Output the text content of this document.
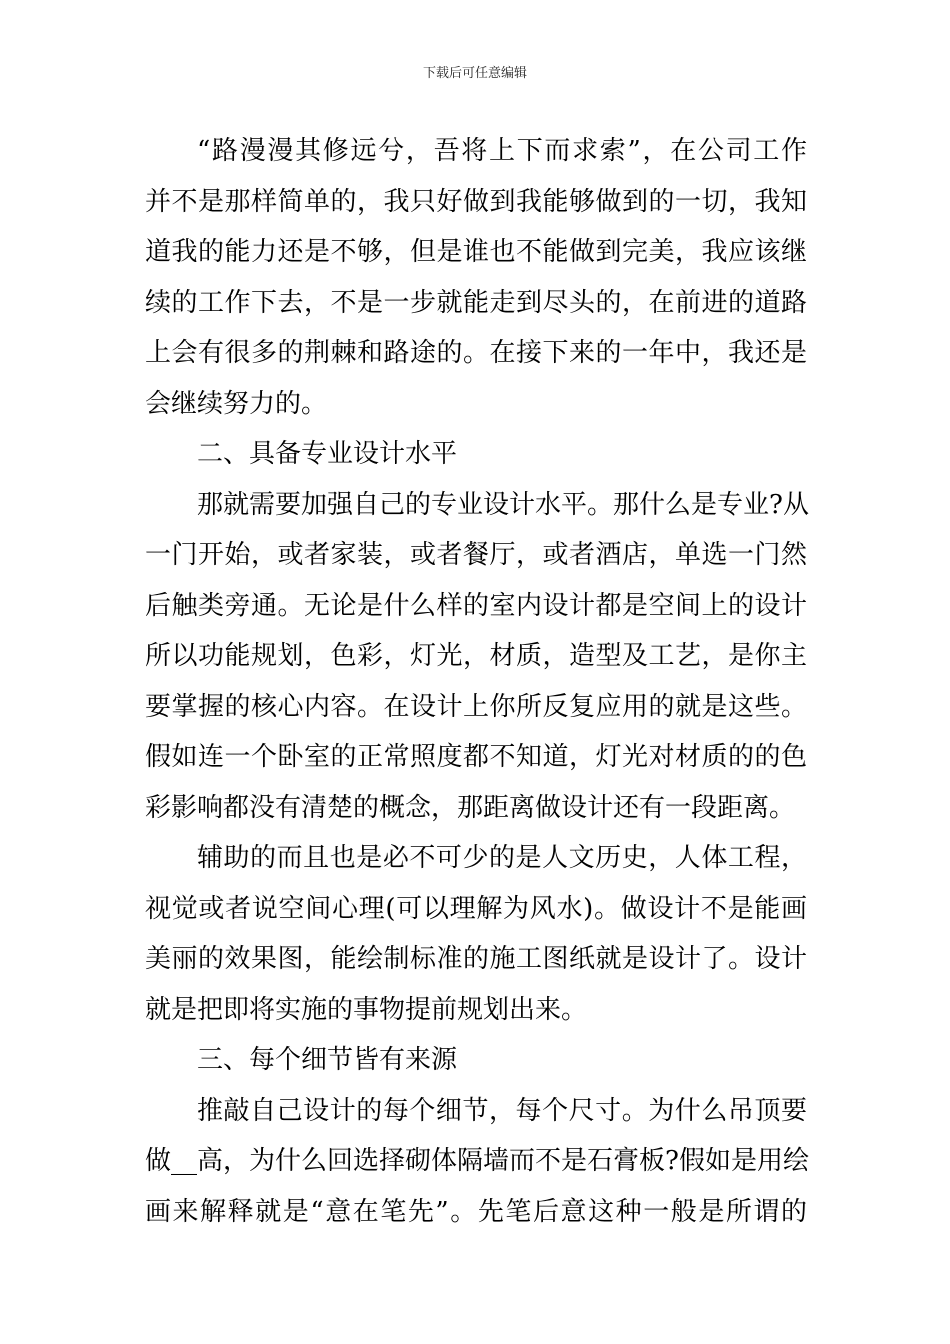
下载后可任意编辑
“路漫漫其修远兮，吾将上下而求索”，在公司工作
并不是那样简单的，我只好做到我能够做到的一切，我知
道我的能力还是不够，但是谁也不能做到完美，我应该继
续的工作下去，不是一步就能走到尽头的，在前进的道路
上会有很多的荆棘和路途的。在接下来的一年中，我还是
会继续努力的。
二、具备专业设计水平
那就需要加强自己的专业设计水平。那什么是专业?从
一门开始，或者家装，或者餐厅，或者酒店，单选一门然
后触类旁通。无论是什么样的室内设计都是空间上的设计
所以功能规划，色彩，灯光，材质，造型及工艺，是你主
要掌握的核心内容。在设计上你所反复应用的就是这些。
假如连一个卧室的正常照度都不知道，灯光对材质的的色
彩影响都没有清楚的概念，那距离做设计还有一段距离。
辅助的而且也是必不可少的是人文历史，人体工程，
视觉或者说空间心理(可以理解为风水)。做设计不是能画
美丽的效果图，能绘制标准的施工图纸就是设计了。设计
就是把即将实施的事物提前规划出来。
三、每个细节皆有来源
推敲自己设计的每个细节，每个尺寸。为什么吊顶要
做__高，为什么回选择砌体隔墙而不是石膏板?假如是用绘
画来解释就是“意在笔先”。先笔后意这种一般是所谓的
